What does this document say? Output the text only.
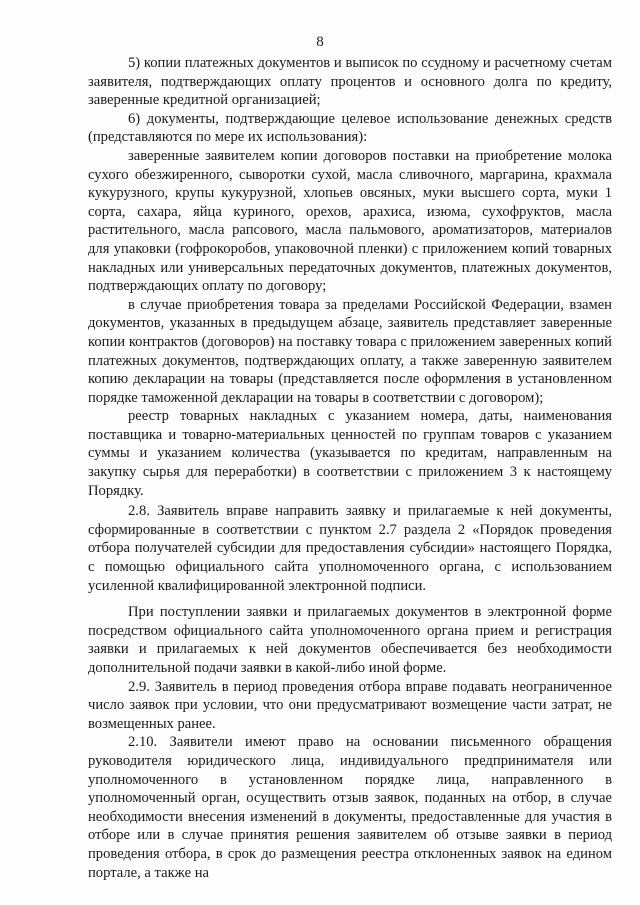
8

5) копии платежных документов и выписок по ссудному и расчетному счетам заявителя, подтверждающих оплату процентов и основного долга по кредиту, заверенные кредитной организацией;

6) документы, подтверждающие целевое использование денежных средств (представляются по мере их использования):

заверенные заявителем копии договоров поставки на приобретение молока сухого обезжиренного, сыворотки сухой, масла сливочного, маргарина, крахмала кукурузного, крупы кукурузной, хлопьев овсяных, муки высшего сорта, муки 1 сорта, сахара, яйца куриного, орехов, арахиса, изюма, сухофруктов, масла растительного, масла рапсового, масла пальмового, ароматизаторов, материалов для упаковки (гофрокоробов, упаковочной пленки) с приложением копий товарных накладных или универсальных передаточных документов, платежных документов, подтверждающих оплату по договору;

в случае приобретения товара за пределами Российской Федерации, взамен документов, указанных в предыдущем абзаце, заявитель представляет заверенные копии контрактов (договоров) на поставку товара с приложением заверенных копий платежных документов, подтверждающих оплату, а также заверенную заявителем копию декларации на товары (представляется после оформления в установленном порядке таможенной декларации на товары в соответствии с договором);

реестр товарных накладных с указанием номера, даты, наименования поставщика и товарно-материальных ценностей по группам товаров с указанием суммы и указанием количества (указывается по кредитам, направленным на закупку сырья для переработки) в соответствии с приложением 3 к настоящему Порядку.

2.8. Заявитель вправе направить заявку и прилагаемые к ней документы, сформированные в соответствии с пунктом 2.7 раздела 2 «Порядок проведения отбора получателей субсидии для предоставления субсидии» настоящего Порядка, с помощью официального сайта уполномоченного органа, с использованием усиленной квалифицированной электронной подписи.

При поступлении заявки и прилагаемых документов в электронной форме посредством официального сайта уполномоченного органа прием и регистрация заявки и прилагаемых к ней документов обеспечивается без необходимости дополнительной подачи заявки в какой-либо иной форме.

2.9. Заявитель в период проведения отбора вправе подавать неограниченное число заявок при условии, что они предусматривают возмещение части затрат, не возмещенных ранее.

2.10. Заявители имеют право на основании письменного обращения руководителя юридического лица, индивидуального предпринимателя или уполномоченного в установленном порядке лица, направленного в уполномоченный орган, осуществить отзыв заявок, поданных на отбор, в случае необходимости внесения изменений в документы, предоставленные для участия в отборе или в случае принятия решения заявителем об отзыве заявки в период проведения отбора, в срок до размещения реестра отклоненных заявок на едином портале, а также на
